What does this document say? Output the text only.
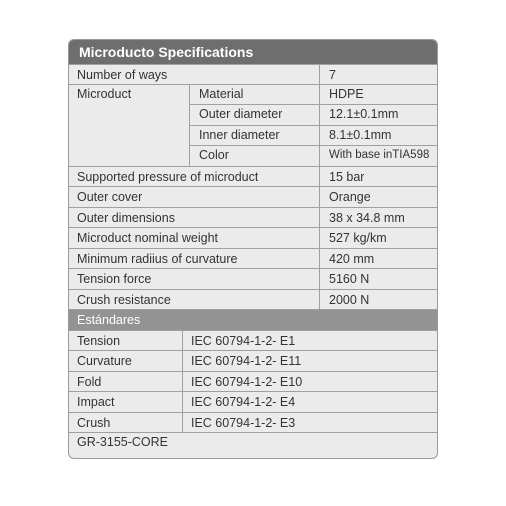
Microducto Specifications
Number of ways	7
Microduct	Material	HDPE
Outer diameter	12.1±0.1mm
Inner diameter	8.1±0.1mm
Color	With base inTIA598
Supported pressure of microduct	15 bar
Outer cover	Orange
Outer dimensions	38 x 34.8 mm
Microduct nominal weight	527 kg/km
Minimum radiius of curvature	420 mm
Tension force	5160 N
Crush resistance	2000 N
Estándares
Tension	IEC 60794-1-2- E1
Curvature	IEC 60794-1-2- E11
Fold	IEC 60794-1-2- E10
Impact	IEC 60794-1-2- E4
Crush	IEC 60794-1-2- E3
GR-3155-CORE
